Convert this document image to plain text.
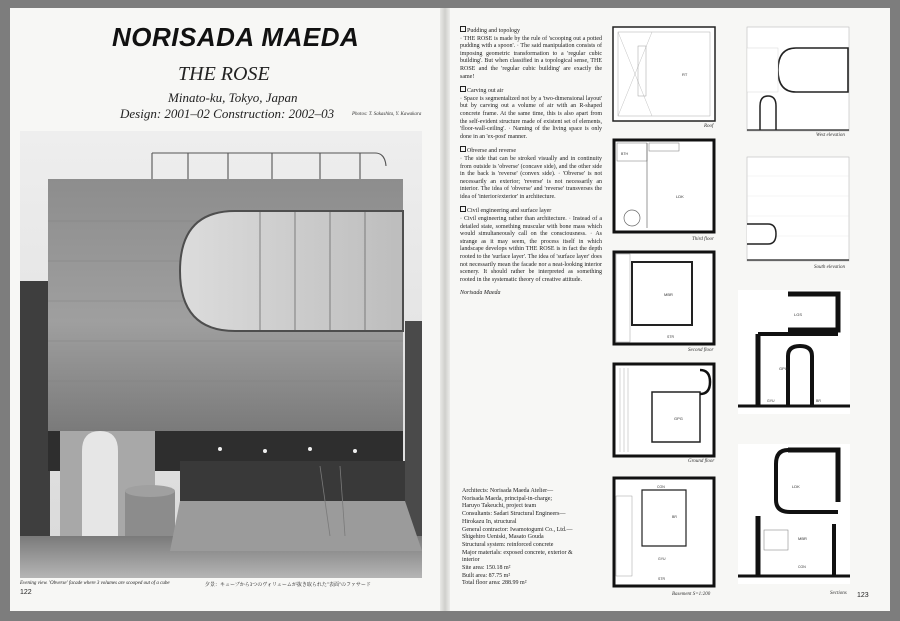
NORISADA MAEDA
THE ROSE
Minato-ku, Tokyo, Japan
Design: 2001–02 Construction: 2002–03	Photos: T. Sakashita, Y. Kawakara
Evening view. 'Obverse' facade where 3 volumes are scooped out of a cube	夕景：キューブから3つのヴォリュームが抜き取られた"表面"のファサード
122

Pudding and topology

· THE ROSE is made by the rule of 'scooping out a potted pudding with a spoon'. · The said manipulation consists of imposing geometric transformation to a 'regular cubic building'. But when classified in a topological sense, THE ROSE and the 'regular cubic building' are exactly the same!

Carving out air

· Space is segmentalized not by a 'two-dimensional layout' but by carving out a volume of air with an R-shaped concrete frame. At the same time, this is also apart from the self-evident structure made of existent set of elements, 'floor-wall-ceiling'. · Naming of the living space is only done in an 'ex-post' manner.

Obverse and reverse

· The side that can be stroked visually and in continuity from outside is 'obverse' (concave side), and the other side in the back is 'reverse' (convex side). · 'Obverse' is not necessarily an exterior; 'reverse' is not necessarily an interior. The idea of 'obverse' and 'reverse' transverses the idea of 'interior/exterior' in architecture.

Civil engineering and surface layer

· Civil engineering rather than architecture. · Instead of a detailed state, something muscular with bone mass which would simultaneously call on the consciousness. · As strange as it may seem, the process itself in which landscape develops within THE ROSE is in fact the depth rooted to the 'surface layer'. The idea of 'surface layer' does not necessarily mean the facade nor a neat-looking interior scenery. It should rather be interpreted as something rooted in the systematic theory of creative attitude.

Norisada Maeda

Architects: Norisada Maeda Atelier—

Norisada Maeda, principal-in-charge;

Haruyo Takeuchi, project team

Consultants: Sadari Structural Engineers—

Hirokazu In, structural

General contractor: Iwamotogumi Co., Ltd.—

Shigehiro Ueniski, Masato Gouda

Structural system: reinforced concrete

Major materials: exposed concrete, exterior &

interior

Site area: 150.18 m²

Built area: 87.75 m²

Total floor area: 288.99 m²

RT
Roof
West elevation
BTH
LDK
Third floor
South elevation
MBR
STR
Second floor
LGS
GPG
BR
GYU
GPG
Ground floor
LDK
MBR
CON
Sections
CON
BR
GYU
STR
Basement S=1:200	123
